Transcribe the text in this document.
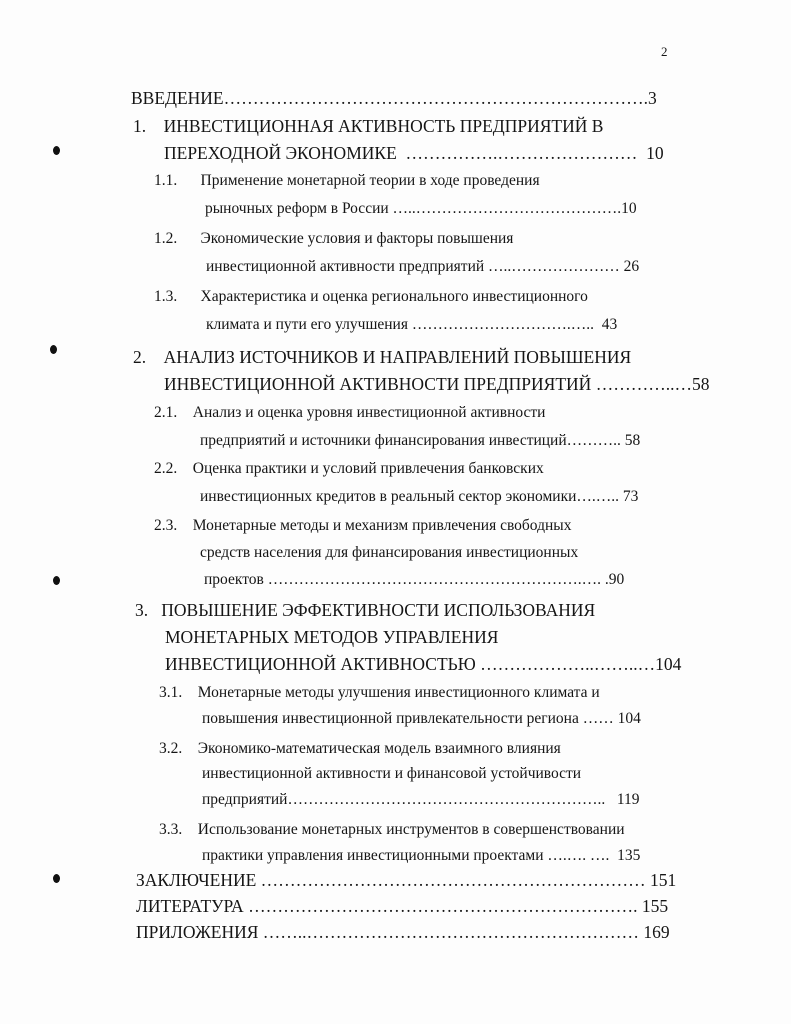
2
ВВЕДЕНИЕ……………………………………………………………….3
1. ИНВЕСТИЦИОННАЯ АКТИВНОСТЬ ПРЕДПРИЯТИЙ В
ПЕРЕХОДНОЙ ЭКОНОМИКЕ …………….…………………… 10
1.1. Применение монетарной теории в ходе проведения
рыночных реформ в России …..………………………………….10
1.2. Экономические условия и факторы повышения
инвестиционной активности предприятий …..………………… 26
1.3. Характеристика и оценка регионального инвестиционного
климата и пути его улучшения ………………………….….. 43
2. АНАЛИЗ ИСТОЧНИКОВ И НАПРАВЛЕНИЙ ПОВЫШЕНИЯ
ИНВЕСТИЦИОННОЙ АКТИВНОСТИ ПРЕДПРИЯТИЙ …………..…58
2.1. Анализ и оценка уровня инвестиционной активности
предприятий и источники финансирования инвестиций……….. 58
2.2. Оценка практики и условий привлечения банковских
инвестиционных кредитов в реальный сектор экономики….….. 73
2.3. Монетарные методы и механизм привлечения свободных
средств населения для финансирования инвестиционных
проектов …………………………………………………….…. .90
3. ПОВЫШЕНИЕ ЭФФЕКТИВНОСТИ ИСПОЛЬЗОВАНИЯ
МОНЕТАРНЫХ МЕТОДОВ УПРАВЛЕНИЯ
ИНВЕСТИЦИОННОЙ АКТИВНОСТЬЮ ………………..……..…104
3.1. Монетарные методы улучшения инвестиционного климата и
повышения инвестиционной привлекательности региона …… 104
3.2. Экономико-математическая модель взаимного влияния
инвестиционной активности и финансовой устойчивости
предприятий…………………………………………………….. 119
3.3. Использование монетарных инструментов в совершенствовании
практики управления инвестиционными проектами ….…. …. 135
ЗАКЛЮЧЕНИЕ ………………………………………………………… 151
ЛИТЕРАТУРА …………………………………………………………. 155
ПРИЛОЖЕНИЯ ……..………………………………………………… 169
